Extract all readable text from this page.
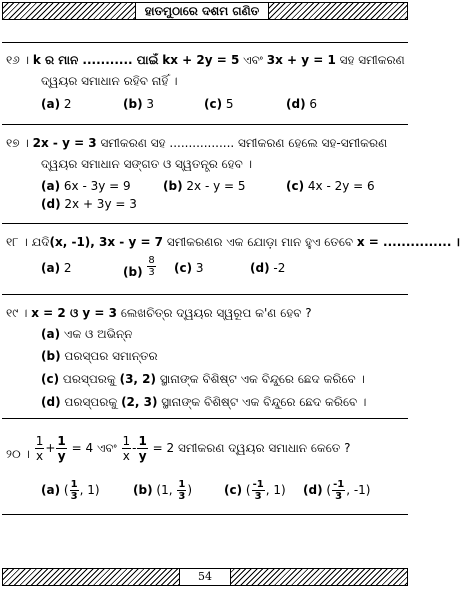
ହାତମୁଠାରେ ଦଶମ ଗଣିତ
୧୬ । k ର ମାନ ........... ପାଇଁ kx + 2y = 5 ଏବଂ 3x + y = 1 ସହ ସମୀକରଣ
ଦ୍ୱୟର ସମାଧାନ ରହିବ ନାହିଁ ।
(a) 2	(b) 3	(c) 5	(d) 6
୧୭ । 2x - y = 3 ସମୀକରଣ ସହ ................. ସମୀକରଣ ହେଲେ ସହ-ସମୀକରଣ
ଦ୍ୱୟର ସମାଧାନ ସଙ୍ଗତ ଓ ସ୍ୱତନ୍ତ୍ର ହେବ ।
(a) 6x - 3y = 9	(b) 2x - y = 5	(c) 4x - 2y = 6
(d) 2x + 3y = 3
୧୮ । ଯଦି(x, -1), 3x - y = 7 ସମୀକରଣର ଏକ ଯୋଡ଼ା ମାନ ହୁଏ ତେବେ x = ............... ।
(a) 2	$(b) \frac{8}{3} (c)$ 3	(d) -2
୧୯ । x = 2 ଓ y = 3 ଲେଖଚିତ୍ର ଦ୍ୱୟର ସ୍ୱରୂପ କ'ଣ ହେବ ?
(a) ଏକ ଓ ଅଭିନ୍ନ
(b) ପରସ୍ପର ସମାନ୍ତର
(c) ପରସ୍ପରକୁ (3, 2) ସ୍ଥାନାଙ୍କ ବିଶିଷ୍ଟ ଏକ ବିନ୍ଦୁରେ ଛେଦ କରିବେ ।
(d) ପରସ୍ପରକୁ (2, 3) ସ୍ଥାନାଙ୍କ ବିଶିଷ୍ଟ ଏକ ବିନ୍ଦୁରେ ଛେଦ କରିବେ ।
୨୦ । $\frac{1}{x} + \frac{1}{y} = 4$ ଏବଂ $\frac{1}{x} - \frac{1}{y} = 2$ ସମୀକରଣ ଦ୍ୱୟର ସମାଧାନ କେତେ ?
(a) ( $\frac{1}{3}$ , 1)	(b) (1, $\frac{1}{3}$ )	(c) ( $\frac{-1}{3}$ , 1) (d) ( $\frac{-1}{3}$ , -1)
54
